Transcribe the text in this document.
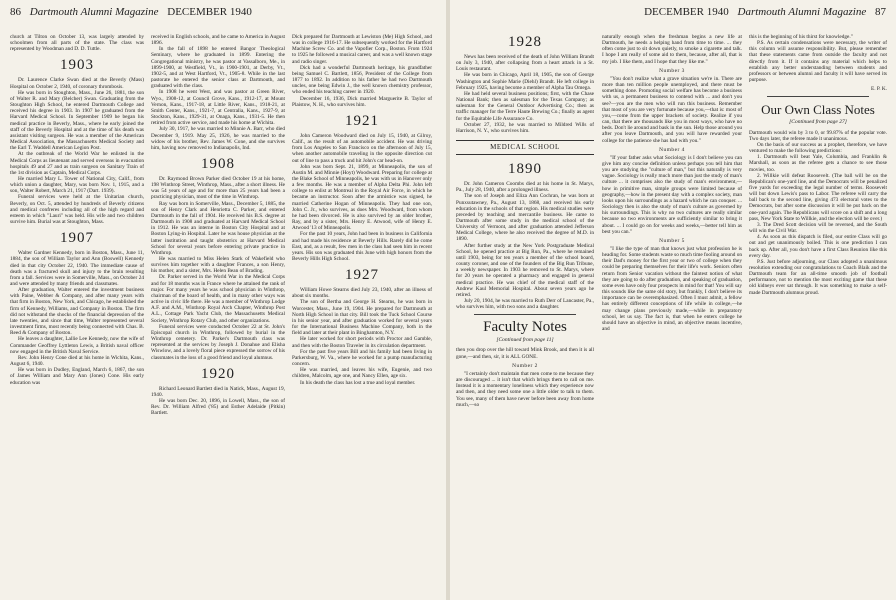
86 Dartmouth Alumni Magazine DECEMBER 1940

church at Tilton on October 13, was largely attended by schoolmen from all parts of the state. The class was represented by Woodman and D. D. Tuttle.

1903

Dr. Laurence Clarke Swan died at the Beverly (Mass) Hospital on October 2, 1940, of coronary thrombosis.

He was born in Stoughton, Mass., June 26, 1881, the son of Walter R. and Mary (Belcher) Swan. Graduating from the Stoughton High School, he entered Dartmouth College and received his degree in 1903. In 1907 he graduated from the Harvard Medical School. In September 1909 he began his medical practice in Beverly, Mass., where he early joined the staff of the Beverly Hospital and at the time of his death was assistant visiting surgeon. He was a member of the American Medical Association, the Massachusetts Medical Society and the Earl T. Waddell American Legion Post.

At the outbreak of the World War he enlisted in the Medical Corps as lieutenant and served overseas in evacuation hospitals 49 and 27 and as train surgeon on Sanitary Train of the 1st division as Captain, Medical Corps.

He married Mary L. Tower of National City, Calif., from which union a daughter, Mary, was born Nov. 1, 1915, and a son, Walter Robert, March 21, 1917 (Dart. 1939).

Funeral services were held at the Unitarian church, Beverly, on Oct. 5, attended by hundreds of Beverly citizens and medical confreres including all of the high regard and esteem in which "Lauri" was held. His wife and two children survive him. Burial was at Stoughton, Mass.

1907

Walter Gardner Kennedy, born in Boston, Mass., June 11, 1884, the son of William Taylor and Ann (Boswell) Kennedy died in that city October 22, 1940. The immediate cause of death was a fractured skull and injury to the brain resulting from a fall. Services were in Somerville, Mass., on October 24 and were attended by many friends and classmates.

After graduation, Walter entered the investment business with Paine, Webber & Company, and after many years with that firm in Boston, New York, and Chicago, he established the firm of Kennedy, Williams, and Company in Boston. The firm did not withstand the shocks of the financial depression of the late twenties, and since that time, Walter represented several investment firms, most recently being connected with Chas. B. Reed & Company of Boston.

He leaves a daughter, Lallie Lee Kennedy, now the wife of Commander Geoffrey Lyttleton Lewis, a British naval officer now engaged in the British Naval Service.

Rev. John Henry Cone died at his home in Wichita, Kans., August 6, 1940.

He was born in Dudley, England, March 6, 1867, the son of James William and Mary Ann (Jones) Cone. His early education was

received in English schools, and he came to America in August 1896.

In the fall of 1898 he entered Bangor Theological Seminary, where he graduated in 1899. Entering the Congregational ministry, he was pastor at Vassalboro, Me., in 1899-1900, at Westfield, Vt., in 1900-1901, at Derby, Vt., 1902-5, and at West Hartford, Vt., 1905-8. While in the last pastorate he entered the senior class at Dartmouth, and graduated with the class.

In 1908 he went West, and was pastor at Green River, Wyo., 1908-12, at Council Grove, Kans., 1912-17, at Mount Vernon, Kans., 1917-18, at Little River, Kans., 1918-21, at Smith Center, Kans., 1921-7, at Centralia, Kans., 1927-9, at Stockton, Kans., 1929-31, at Onaga, Kans., 1931-5. He then retired from active service, and made his home at Wichita.

July 30, 1917, he was married to Minnie A. Barr, who died December 9, 1919. May 25, 1926, he was married to the widow of his brother, Rev. James W. Cone, and she survives him, having now removed to Indianapolis, Ind.

1908

Dr. Raymond Brown Parker died October 19 at his home, 198 Winthrop Street, Winthrop, Mass., after a short illness. He was 54 years of age and for more than 25 years had been a practicing physician, most of the time in Winthrop.

Ray was born in Somerville, Mass., December 5, 1885, the son of Henry Clark and Henrietta C. Parker, and entered Dartmouth in the fall of 1904. He received his B.S. degree at Dartmouth in 1908 and graduated at Harvard Medical School in 1912. He was an interne in Boston City Hospital and at Boston Lying-in Hospital. Later he was house physician at the latter institution and taught obstetrics at Harvard Medical School for several years before entering private practice in Winthrop.

He was married to Miss Helen Stark of Wakefield who survives him together with a daughter Frances, a son Henry, his mother, and a sister, Mrs. Helen Bean of Brading.

Dr. Parker served in the World War in the Medical Corps and for 18 months was in France where he attained the rank of major. For many years he was school physician in Winthrop, chairman of the board of health, and in many other ways was active in civic life there. He was a member of Winthrop Lodge A.F. and A.M., Winthrop Royal Arch Chapter, Winthrop Post A.L., Cottage Park Yacht Club, the Massachusetts Medical Society, Winthrop Rotary Club, and other organizations.

Funeral services were conducted October 22 at St. John's Episcopal church in Winthrop, followed by burial in the Winthrop cemetery. Dr. Parker's Dartmouth class was represented at the services by Joseph J. Donahue and Elisha Wiswlow, and a lovely floral piece expressed the sorrow of his classmates in the loss of a good friend and loyal alumnus.

1920

Richard Leonard Bartlett died in Natick, Mass., August 19, 1940.

He was born Dec. 20, 1896, in Lowell, Mass., the son of Rev. Dr. William Alfred ('85) and Esther Adelaide (Pitkin) Bartlett.

Dick prepared for Dartmouth at Lewiston (Me) High School, and was in college 1916-17. He subsequently worked for the Hartford Machine Screw Co. and the Vapofier Corp., Boston. From 1924 to 1925 he followed a musical career, and was a well known stage and radio singer.

Dick had a wonderful Dartmouth heritage, his grandfather being Samuel C. Bartlett, 1856, President of the College from 1877 to 1892. In addition to his father he had two Dartmouth uncles, one being Edwin J., the well known chemistry professor, who ended his teaching career in 1920.

December 16, 1936, Dick married Marguerite B. Taylor of Plaistow, N. H., who survives him.

1921

John Cameron Woodward died on July 15, 1940, at Gilroy, Calif., as the result of an automobile accident. He was driving from Los Angeles to San Francisco on the afternoon of July 15, when another automobile traveling in the opposite direction cut out of line to pass a truck and hit John's car head-on.

John was born Sept. 21, 1899, at Minneapolis, the son of Austin M. and Minnie (Hoyt) Woodward. Preparing for college at the Blake School of Minneapolis, he was with us in Hanover only a few months. He was a member of Alpha Delta Phi. John left college to enlist at Montreal in the Royal Air Force, in which he became an instructor. Soon after the armistice was signed, he married Catherine Hogan of Minneapolis. They had one son, John C. Jr., who survives, as does Mrs. Woodward, from whom he had been divorced. He is also survived by an older brother, Ray, and by a sister, Mrs. Henry E. Atwood, wife of Henry E. Atwood '13 of Minneapolis.

For the past 10 years, John had been in business in California and had made his residence at Beverly Hills. Rarely did he come East, and, as a result, few men in the class had seen him in recent years. His son was graduated this June with high honors from the Beverly Hills High School.

1927

William Howe Stearns died July 23, 1940, after an illness of about six months.

The son of Bertha and George H. Stearns, he was born in Worcester, Mass., June 19, 1904. He prepared for Dartmouth at North High School in that city. Bill took the Tuck School Course in his senior year, and after graduation worked for several years for the International Business Machine Company, both in the field and later at their plant in Binghamton, N.Y.

He later worked for short periods with Proctor and Gamble, and then with the Boston Traveler in its circulation department.

For the past five years Bill and his family had been living in Parkersburg, W. Va., where he worked for a pump manufacturing concern.

He was married, and leaves his wife, Eugenie, and two children, Malcolm, age one, and Nancy Ellen, age six.

In his death the class has lost a true and loyal member.

DECEMBER 1940 Dartmouth Alumni Magazine 87
1928

News has been received of the death of John William Brandt on July 3, 1940, after collapsing from a heart attack in a St. Louis restaurant.

He was born in Chicago, April 18, 1905, the son of George Washington and Sophie Marie (Diehl) Brandt. He left college in February 1925, having become a member of Alpha Tau Omega.

He had held several business positions; first, with the Chase National Bank; then as salesman for the Texas Company; as salesman for the General Outdoor Advertising Co.; then as traffic manager for the Terre Haute Brewing Co.; finally as agent for the Equitable Life Assurance Co.

October 27, 1932, he was married to Mildred Wills of Harrison, N. Y., who survives him.

MEDICAL SCHOOL
1890

Dr. John Cameron Coombs died at his home in St. Marys, Pa., July 28, 1940, after a prolonged illness.

The son of Joseph and Eliza Ann Cochran, he was born at Punxsutawney, Pa., August 13, 1868, and received his early education in the schools of that region. His medical studies were preceded by teaching and mercantile business. He came to Dartmouth after some study in the medical school of the University of Vermont, and after graduation attended Jefferson Medical College, where he also received the degree of M.D. in 1890.

After further study at the New York Postgraduate Medical School, he opened practice at Big Run, Pa., where he remained until 1903, being for ten years a member of the school board, county coroner, and one of the founders of the Big Run Tribune, a weekly newspaper. In 1903 he removed to St. Marys, where for 20 years he operated a pharmacy and engaged in general medical practice. He was chief of the medical staff of the Andrew Kaul Memorial Hospital. About seven years ago he retired.

July 20, 1904, he was married to Ruth Derr of Lancaster, Pa., who survives him, with two sons and a daughter.

Faculty Notes
[Continued from page 11]

then you drop over the hill toward Mink Brook, and then it is all gone,—and then, sir, it is ALL GONE.

Number 2

"I certainly don't maintain that men come to me because they are discouraged ... it isn't that which brings them to call on me. Instead it is a momentary loneliness which they experience now and then, and they need some one a little older to talk to them. You see, many of them have never before been away from home much,—so

naturally enough when the freshman begins a new life at Dartmouth, he needs a helping hand from time to time. ... they often come just to sit down quietly, to smoke a cigarette and talk. I hope I am really of some aid to them, because, after all, that is my job. I like them, and I hope that they like me."

Number 3

"You don't realize what a grave situation we're in. There are more than ten million people unemployed, and there must be something done. Promoting social welfare has become a business with us, a permanent business to contend with ... and don't you see?—you are the men who will run this business. Remember that most of you are very fortunate because you,—that is: most of you,—come from the upper brackets of society. Realize if you can, that there are thousands like you in most ways, who have no beds. Don't lie around and bask in the sun. Help those around you after you leave Dartmouth, and you will have rewarded your college for the patience she has had with you."

Number 4

"If your father asks what Sociology is I don't believe you can give him any concise definition unless perhaps you tell him that you are studying the "culture of man," but this naturally is very vague. Sociology is really much more than just the study of man's culture ... it comprises also the study of man's environment,—how in primitive man, simple groups were limited because of geography,—how in the present day with a complex society, man looks upon his surroundings as a hazard which he can conquer. ... Sociology then is also the study of man's culture as governed by his surroundings. This is why no two cultures are really similar because no two environments are sufficiently similar to bring it about. ... I could go on for weeks and weeks,—better tell him as best you can."

Number 5

"I like the type of man that knows just what profession he is heading for. Some students waste so much time fooling around on their Dad's money for the first year or two of college when they could be preparing themselves for their life's work. Seniors often return from Senior vacation without the faintest notion of what they are going to do after graduation, and speaking of graduation, some even have only four prospects in mind for that! You will say this sounds like the same old story, but frankly, I don't believe its importance can be overemphasized. Often I must admit, a fellow has entirely different conceptions of life while in college,—he may change plans previously made,—while in preparatory school, let us say. The fact is, that when he enters college he should have an objective in mind, an objective means incentive, and

this is the beginning of his thirst for knowledge."

P.S. As certain condensations were necessary, the writer of this column will assume responsibility. But, please remember that these statements came from outside the faculty and not directly from it. If it contains any material which helps to establish any better understanding between students and professors or between alumni and faculty it will have served its purpose.

E. P. K.
Our Own Class Notes
[Continued from page 27]

Dartmouth would win by 3 to 0, or 99.87% of the popular vote. Two days later, the referee made it unanimous.

On the basis of our success as a prophet, therefore, we have ventured to make the following predictions:

1. Dartmouth will beat Yale, Columbia, and Franklin & Marshall, as soon as the referee gets a chance to see those movies, too.

2. Willkie will defeat Roosevelt. (The ball will be on the Republican's one-yard line, and the Democrats will be penalized five yards for exceeding the legal number of terms. Roosevelt will but down Lewis's pass to Labor. The referee will carry the ball back to the second line, giving 473 electoral votes to the Democrats, but after some discussion it will be put back on the one-yard again. The Republicans will score on a shift and a long pass, New York State to Willkie, and the election will be over.)

3. The Dred Scott decision will be reversed, and the South will win the Civil War.

4. As soon as this dispatch is filed, our entire Class will go out and get unanimously boiled. This is one prediction I can back up. After all, you don't have a first Class Reunion like this every day.

P.S. Just before adjourning, our Class adopted a unanimous resolution extending our congratulations to Coach Blaik and the Dartmouth team for an all-time smooth job of football performance, not to mention the most exciting game that these old kidneys ever sat through. It was something to make a self-made Dartmouth alumnus proud.
